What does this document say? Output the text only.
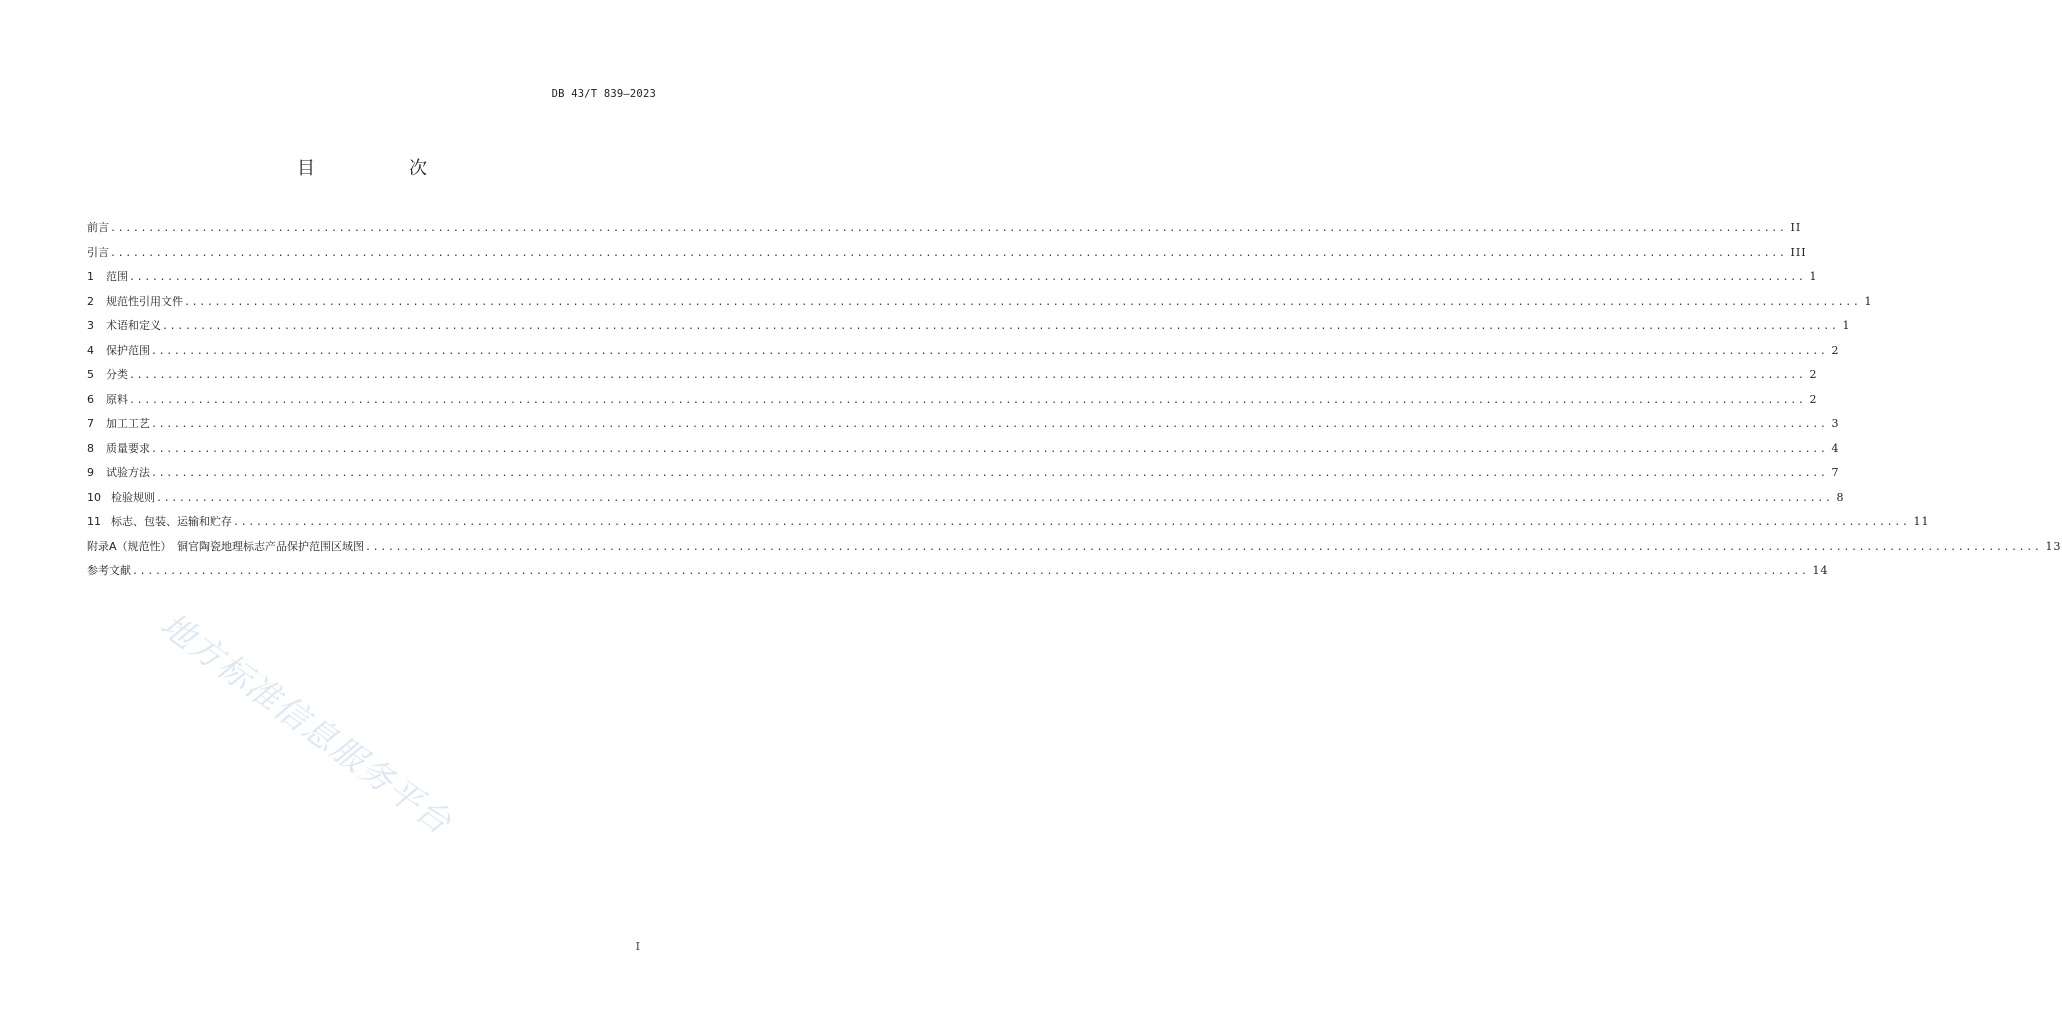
DB 43/T 839—2023
目　次
前言 ............................................................................................................................................................................................................................ II
引言 ............................................................................................................................................................................................................................ III
1	范围 ............................................................................................................................................................................................................................ 1
2	规范性引用文件 ............................................................................................................................................................................................................................ 1
3	术语和定义 ............................................................................................................................................................................................................................ 1
4	保护范围 ............................................................................................................................................................................................................................ 2
5	分类 ............................................................................................................................................................................................................................ 2
6	原料 ............................................................................................................................................................................................................................ 2
7	加工工艺 ............................................................................................................................................................................................................................ 3
8	质量要求 ............................................................................................................................................................................................................................ 4
9	试验方法 ............................................................................................................................................................................................................................ 7
10 检验规则 ............................................................................................................................................................................................................................ 8
11 标志、包装、运输和贮存 ............................................................................................................................................................................................................................ 11
附录A（规范性）　铜官陶瓷地理标志产品保护范围区域图 ............................................................................................................................................................................................................................ 13
参考文献 ............................................................................................................................................................................................................................ 14
地方标准信息服务平台
I
